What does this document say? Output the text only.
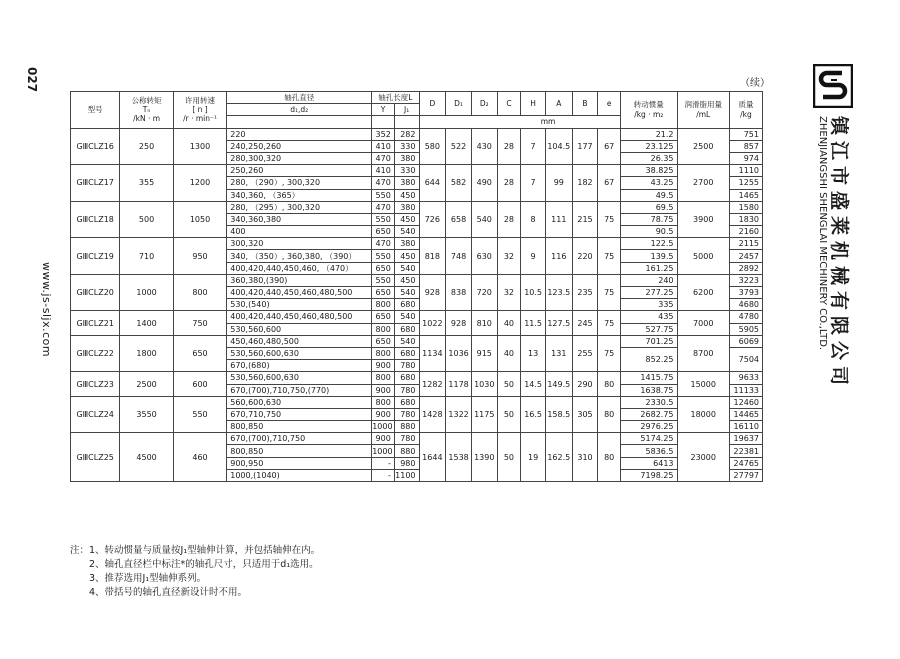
027
www.js-sljx.com
（续）
镇江市盛莱机械有限公司
ZHENJIANGSHI SHENGLAI MECHINERY CO.,LTD.
型号	公称转矩
Tₙ
/kN · m	许用转速
[ n ]
/r · min⁻¹	轴孔直径	轴孔长度L		D	D₁	D₂	C	H	A	B	e	转动惯量
/kg · m₂	润滑脂用量
/mL	质量
/kg
			d₁,d₂	Y	J₁											
						mm										
GⅢCLZ16	250	1300	220	352	282	580	522	430	28	7	104.5	177	67	21.2	2500	751
			240,250,260	410	330									23.125		857
			280,300,320	470	380									26.35		974
GⅢCLZ17	355	1200	250,260	410	330	644	582	490	28	7	99	182	67	38.825	2700	1110
			280, （290）, 300,320	470	380									43.25		1255
			340,360, （365）	550	450									49.5		1465
GⅢCLZ18	500	1050	280, （295）, 300,320	470	380	726	658	540	28	8	111	215	75	69.5	3900	1580
			340,360,380	550	450									78.75		1830
			400	650	540									90.5		2160
GⅢCLZ19	710	950	300,320	470	380	818	748	630	32	9	116	220	75	122.5	5000	2115
			340, （350）, 360,380, （390）	550	450									139.5		2457
			400,420,440,450,460, （470）	650	540									161.25		2892
GⅢCLZ20	1000	800	360,380,(390)	550	450	928	838	720	32	10.5	123.5	235	75	240	6200	3223
			400,420,440,450,460,480,500	650	540									277.25		3793
			530,(540)	800	680									335		4680
GⅢCLZ21	1400	750	400,420,440,450,460,480,500	650	540	1022	928	810	40	11.5	127.5	245	75	435	7000	4780
			530,560,600	800	680									527.75		5905
GⅢCLZ22	1800	650	450,460,480,500	650	540	1134	1036	915	40	13	131	255	75	701.25	8700	6069
			530,560,600,630	800	680									852.25		7504
			670,(680)	900	780											
GⅢCLZ23	2500	600	530,560,600,630	800	680	1282	1178	1030	50	14.5	149.5	290	80	1415.75	15000	9633
			670,(700),710,750,(770)	900	780									1638.75		11133
GⅢCLZ24	3550	550	560,600,630	800	680	1428	1322	1175	50	16.5	158.5	305	80	2330.5	18000	12460
			670,710,750	900	780									2682.75		14465
			800,850	1000	880									2976.25		16110
GⅢCLZ25	4500	460	670,(700),710,750	900	780	1644	1538	1390	50	19	162.5	310	80	5174.25	23000	19637
			800,850	1000	880									5836.5		22381
			900,950	-	980									6413		24765
			1000,(1040)	-	1100									7198.25		27797
注：1、转动惯量与质量按J₁型轴伸计算，并包括轴伸在内。
2、轴孔直径栏中标注*的轴孔尺寸，只适用于d₁选用。
3、推荐选用J₁型轴伸系列。
4、带括号的轴孔直径新设计时不用。
